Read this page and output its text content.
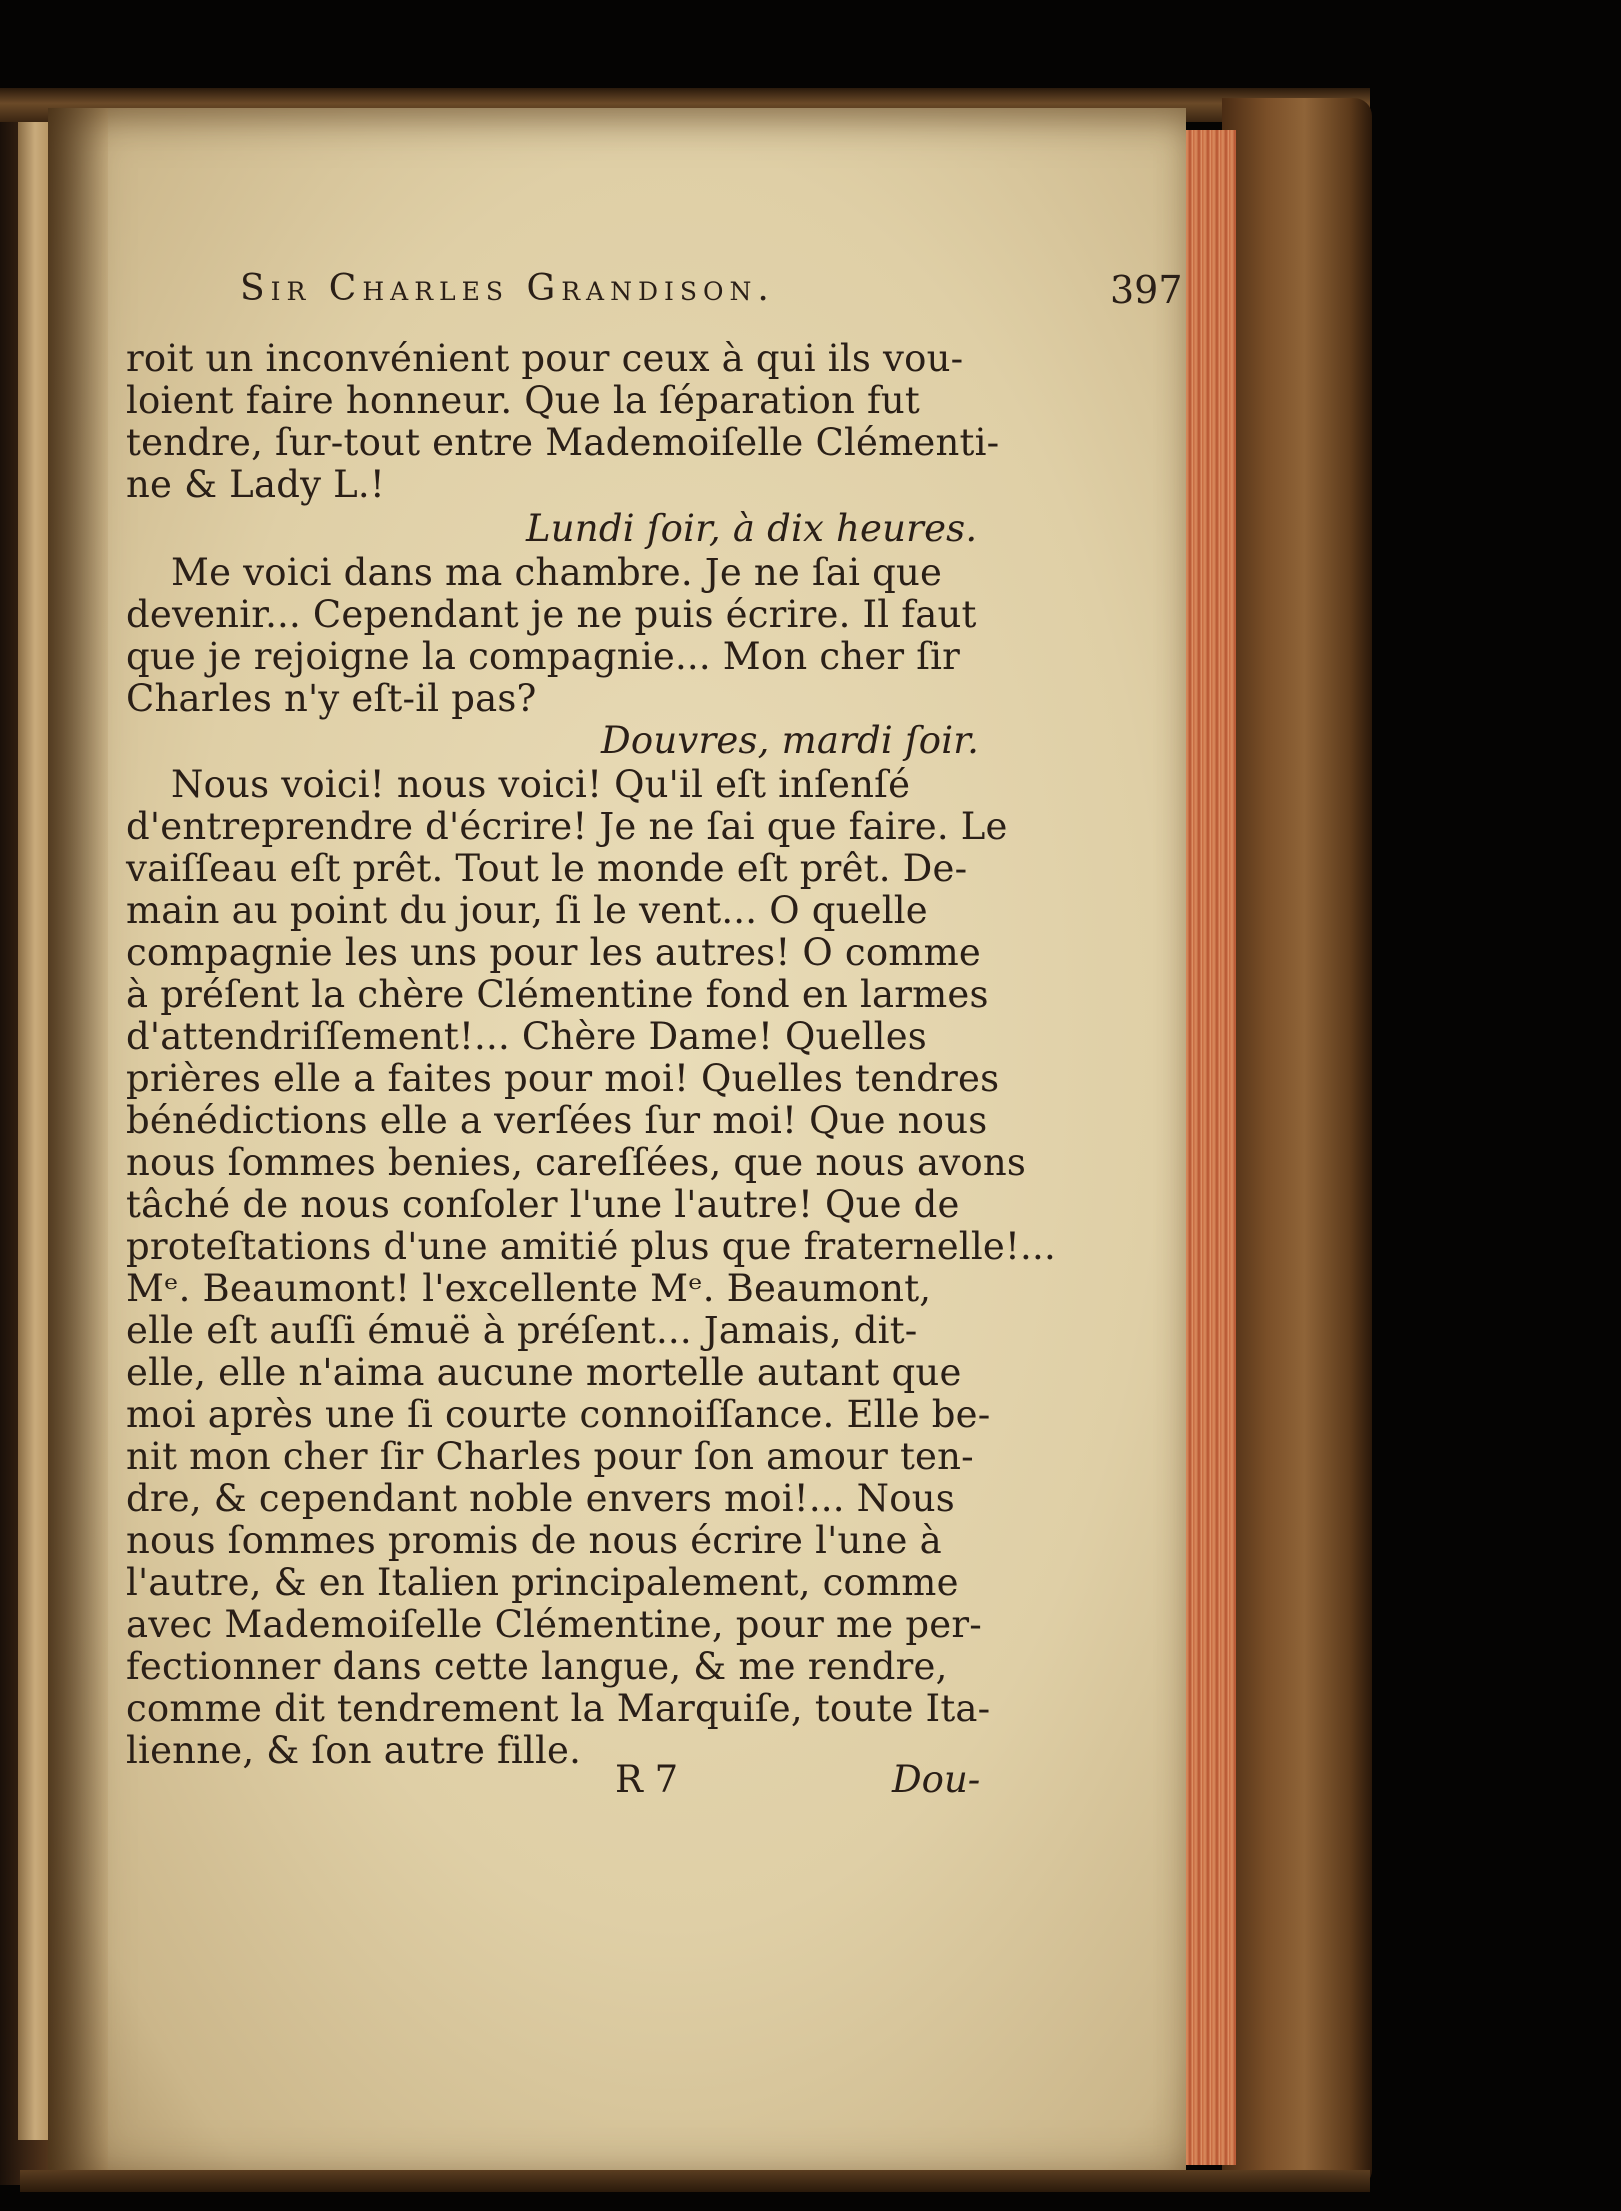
Sir Charles Grandison.	397
roit un inconvénient pour ceux à qui ils vou-
loient faire honneur. Que la ſéparation fut
tendre, ſur-tout entre Mademoiſelle Clémenti-
ne & Lady L.!
Lundi ſoir, à dix heures.
Me voici dans ma chambre. Je ne ſai que
devenir... Cependant je ne puis écrire. Il faut
que je rejoigne la compagnie... Mon cher ſir
Charles n'y eſt-il pas?
Douvres, mardi ſoir.
Nous voici! nous voici! Qu'il eſt inſenſé
d'entreprendre d'écrire! Je ne ſai que faire. Le
vaiſſeau eſt prêt. Tout le monde eſt prêt. De-
main au point du jour, ſi le vent... O quelle
compagnie les uns pour les autres! O comme
à préſent la chère Clémentine fond en larmes
d'attendriſſement!... Chère Dame! Quelles
prières elle a faites pour moi! Quelles tendres
bénédictions elle a verſées ſur moi! Que nous
nous ſommes benies, careſſées, que nous avons
tâché de nous conſoler l'une l'autre! Que de
proteſtations d'une amitié plus que fraternelle!...
Mᵉ. Beaumont! l'excellente Mᵉ. Beaumont,
elle eſt auſſi émuë à préſent... Jamais, dit-
elle, elle n'aima aucune mortelle autant que
moi après une ſi courte connoiſſance. Elle be-
nit mon cher ſir Charles pour ſon amour ten-
dre, & cependant noble envers moi!... Nous
nous ſommes promis de nous écrire l'une à
l'autre, & en Italien principalement, comme
avec Mademoiſelle Clémentine, pour me per-
fectionner dans cette langue, & me rendre,
comme dit tendrement la Marquiſe, toute Ita-
lienne, & ſon autre fille.
R 7	Dou-
